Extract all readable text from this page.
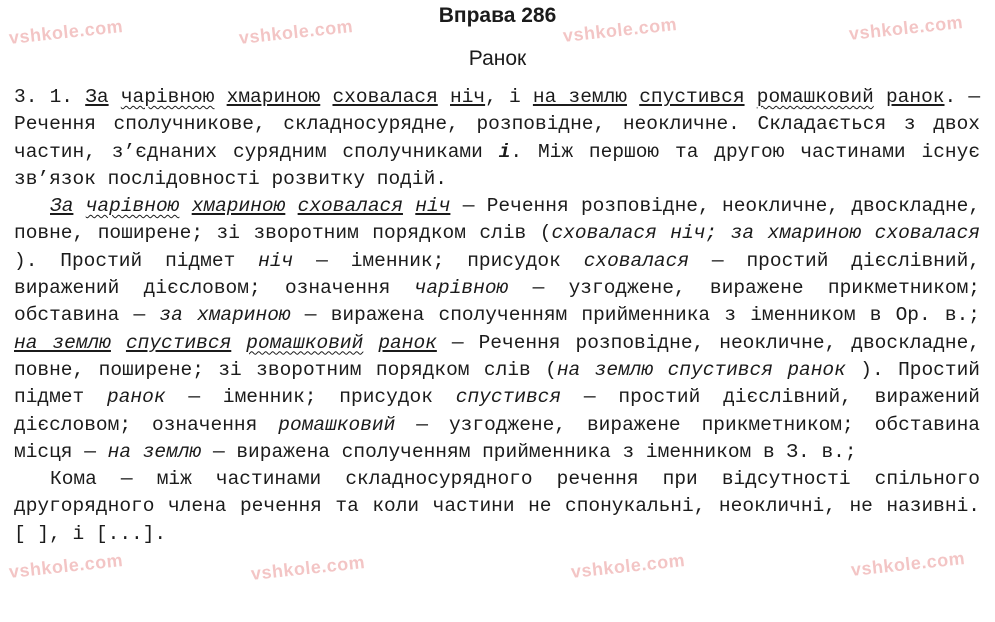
vshkole.com	vshkole.com	vshkole.com	vshkole.com
vshkole.com	vshkole.com	vshkole.com	vshkole.com
Вправа 286
Ранок

3. 1. За чарівною хмариною сховалася ніч, і на землю спустився ромашковий ранок. — Речення сполучникове, складносурядне, розповідне, неокличне. Складається з двох частин, з’єднаних сурядним сполучниками і. Між першою та другою частинами існує зв’язок послідовності розвитку подій.

За чарівною хмариною сховалася ніч — Речення розповідне, неокличне, двоскладне, повне, поширене; зі зворотним порядком слів (сховалася ніч; за хмариною сховалася ). Простий підмет ніч — іменник; присудок сховалася — простий дієслівний, виражений дієсловом; означення чарівною — узгоджене, виражене прикметником; обставина — за хмариною — виражена сполученням прийменника з іменником в Ор. в.; на землю спустився ромашковий ранок — Речення розповідне, неокличне, двоскладне, повне, поширене; зі зворотним порядком слів (на землю спустився ранок ). Простий підмет ранок — іменник; присудок спустився — простий дієслівний, виражений дієсловом; означення ромашковий — узгоджене, виражене прикметником; обставина місця — на землю — виражена сполученням прийменника з іменником в З. в.;

Кома — між частинами складносурядного речення при відсутності спільного другорядного члена речення та коли частини не спонукальні, неокличні, не називні. [ ], і [...].
